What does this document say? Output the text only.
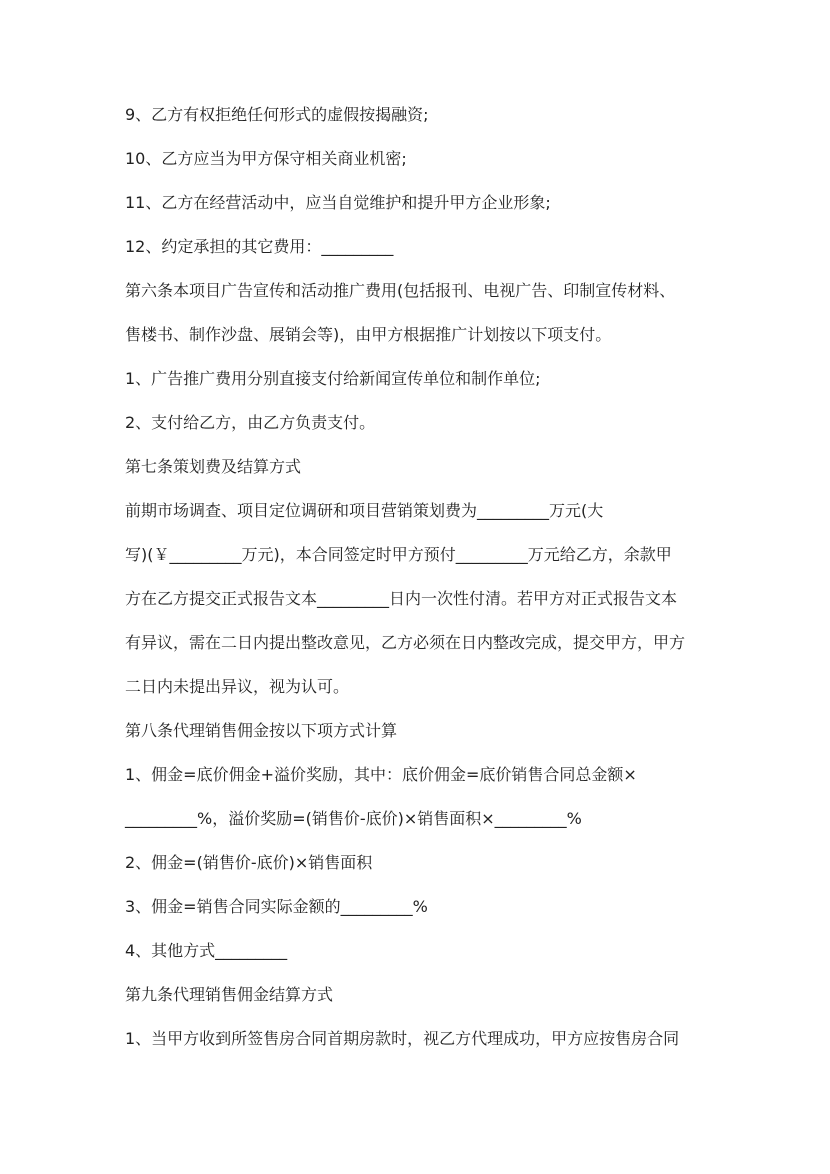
9、乙方有权拒绝任何形式的虚假按揭融资;
10、乙方应当为甲方保守相关商业机密;
11、乙方在经营活动中，应当自觉维护和提升甲方企业形象;
12、约定承担的其它费用：_________
第六条本项目广告宣传和活动推广费用(包括报刊、电视广告、印制宣传材料、
售楼书、制作沙盘、展销会等)，由甲方根据推广计划按以下项支付。
1、广告推广费用分别直接支付给新闻宣传单位和制作单位;
2、支付给乙方，由乙方负责支付。
第七条策划费及结算方式
前期市场调查、项目定位调研和项目营销策划费为_________万元(大
写)(￥_________万元)，本合同签定时甲方预付_________万元给乙方，余款甲
方在乙方提交正式报告文本_________日内一次性付清。若甲方对正式报告文本
有异议，需在二日内提出整改意见，乙方必须在日内整改完成，提交甲方，甲方
二日内未提出异议，视为认可。
第八条代理销售佣金按以下项方式计算
1、佣金=底价佣金+溢价奖励，其中：底价佣金=底价销售合同总金额×
_________%，溢价奖励=(销售价-底价)×销售面积×_________%
2、佣金=(销售价-底价)×销售面积
3、佣金=销售合同实际金额的_________%
4、其他方式_________
第九条代理销售佣金结算方式
1、当甲方收到所签售房合同首期房款时，视乙方代理成功，甲方应按售房合同
